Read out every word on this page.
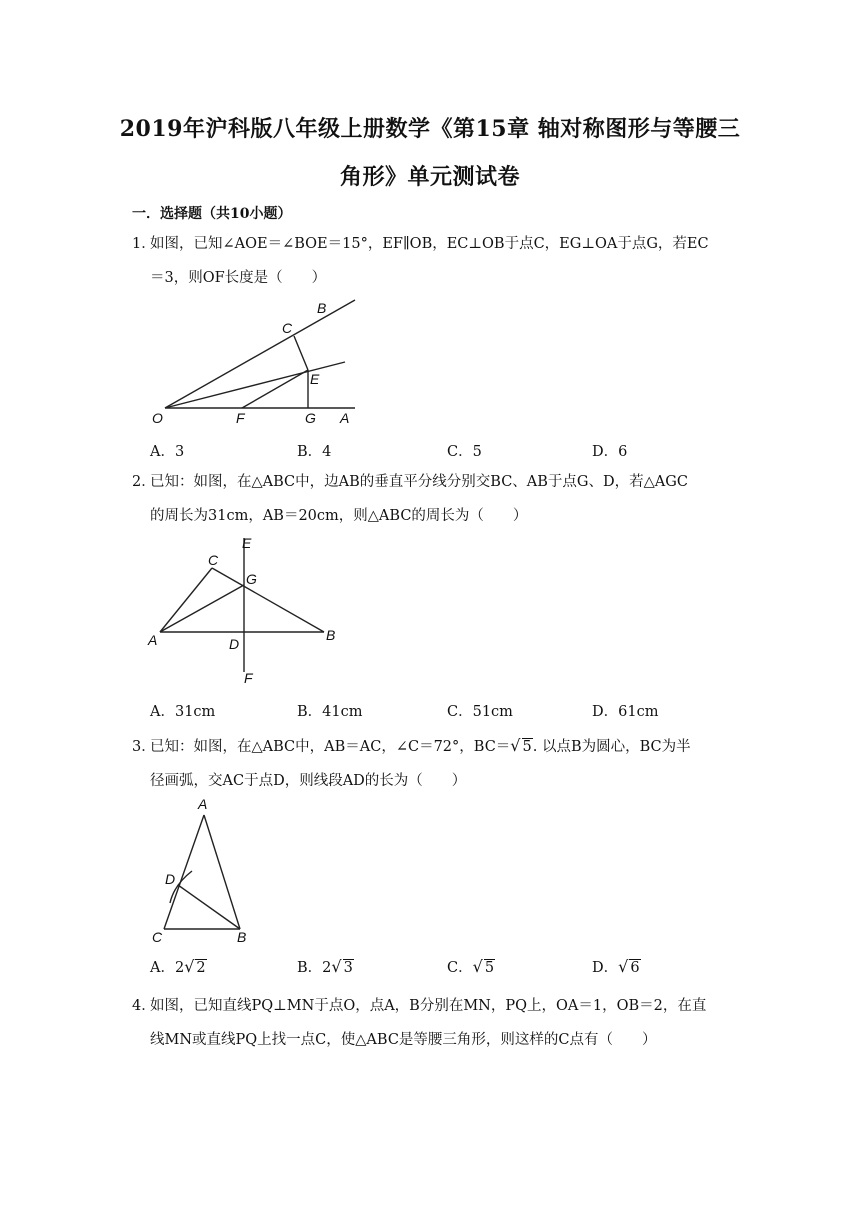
2019年沪科版八年级上册数学《第15章 轴对称图形与等腰三
角形》单元测试卷
一．选择题（共10小题）
1．如图，已知∠AOE＝∠BOE＝15°，EF∥OB，EC⊥OB于点C，EG⊥OA于点G，若EC
＝3，则OF长度是（　　）
B
C
E
O	F	G A
A．3	B．4	C．5	D．6
2．已知：如图，在△ABC中，边AB的垂直平分线分别交BC、AB于点G、D，若△AGC
的周长为31cm，AB＝20cm，则△ABC的周长为（　　）
E
C
G
A	D
B
F
A．31cm	B．41cm	C．51cm	D．61cm
3．已知：如图，在△ABC中，AB＝AC，∠C＝72°，BC＝√ 5. 以点B为圆心，BC为半
径画弧，交AC于点D，则线段AD的长为（　　）
A
D
C	B
A．2√ 2	B．2√ 3	C．√ 5	D．√ 6
4．如图，已知直线PQ⊥MN于点O，点A，B分别在MN，PQ上，OA＝1，OB＝2，在直
线MN或直线PQ上找一点C，使△ABC是等腰三角形，则这样的C点有（　　）
